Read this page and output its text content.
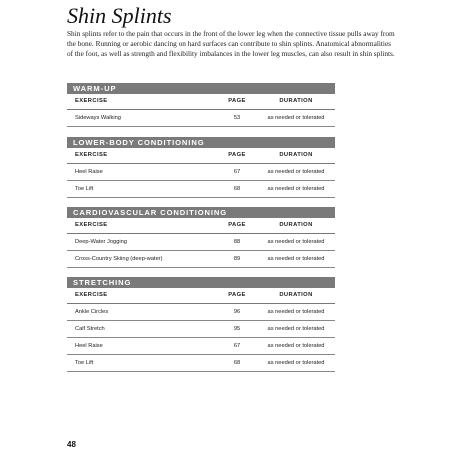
Shin Splints
Shin splints refer to the pain that occurs in the front of the lower leg when the connective tissue pulls away from the bone. Running or aerobic dancing on hard surfaces can contribute to shin splints. Anatomical abnormalities of the foot, as well as strength and flexibility imbalances in the lower leg muscles, can also result in shin splints.
WARM-UP
EXERCISE	PAGE	DURATION
Sideways Walking	53	as needed or tolerated
LOWER-BODY CONDITIONING
EXERCISE	PAGE	DURATION
Heel Raise	67	as needed or tolerated
Toe Lift	68	as needed or tolerated
CARDIOVASCULAR CONDITIONING
EXERCISE	PAGE	DURATION
Deep-Water Jogging	88	as needed or tolerated
Cross-Country Skiing (deep-water)	89	as needed or tolerated
STRETCHING
EXERCISE	PAGE	DURATION
Ankle Circles	96	as needed or tolerated
Calf Stretch	95	as needed or tolerated
Heel Raise	67	as needed or tolerated
Toe Lift	68	as needed or tolerated
48
